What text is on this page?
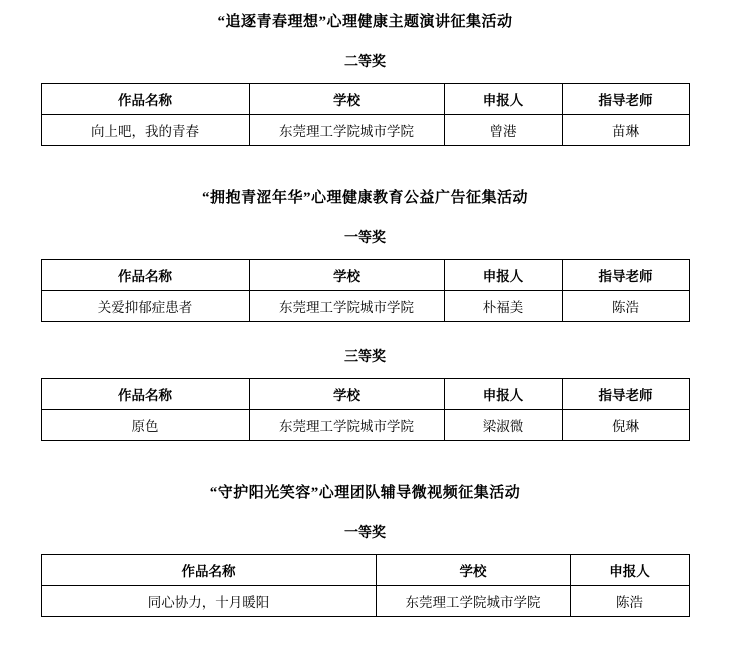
“追逐青春理想”心理健康主题演讲征集活动
二等奖
作品名称	学校	申报人	指导老师
向上吧，我的青春	东莞理工学院城市学院	曾港	苗琳
“拥抱青涩年华”心理健康教育公益广告征集活动
一等奖
作品名称	学校	申报人	指导老师
关爱抑郁症患者	东莞理工学院城市学院	朴福美	陈浩
三等奖
作品名称	学校	申报人	指导老师
原色	东莞理工学院城市学院	梁淑微	倪琳
“守护阳光笑容”心理团队辅导微视频征集活动
一等奖
作品名称	学校	申报人
同心协力，十月暖阳	东莞理工学院城市学院	陈浩
